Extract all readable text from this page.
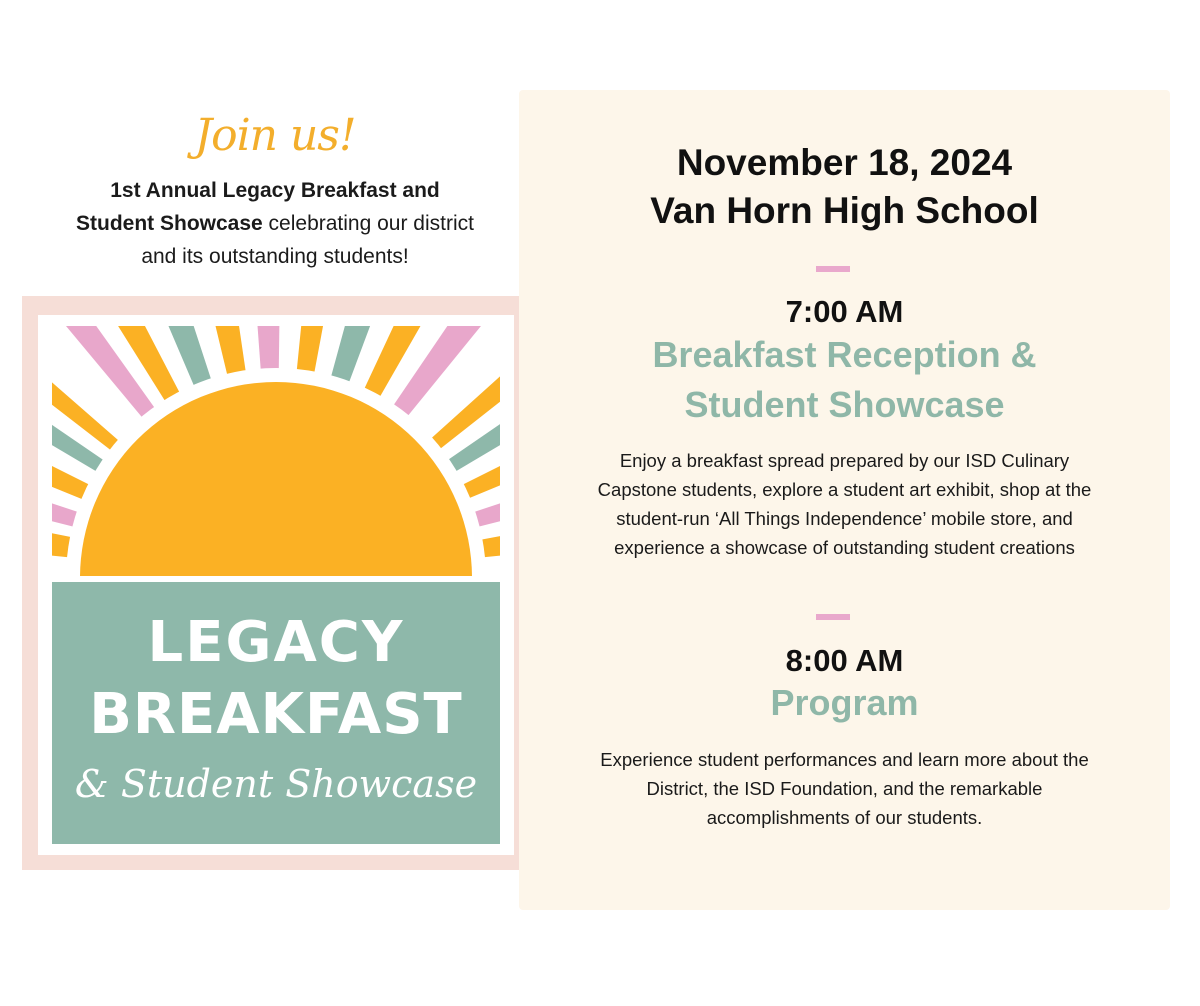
Join us!
1st Annual Legacy Breakfast and
Student Showcase celebrating our district and its outstanding students!
LEGACY
BREAKFAST
& Student Showcase
November 18, 2024
Van Horn High School
7:00 AM
Breakfast Reception &
Student Showcase
Enjoy a breakfast spread prepared by our ISD Culinary Capstone students, explore a student art exhibit, shop at the student-run ‘All Things Independence’ mobile store, and experience a showcase of outstanding student creations
8:00 AM
Program
Experience student performances and learn more about the District, the ISD Foundation, and the remarkable accomplishments of our students.
